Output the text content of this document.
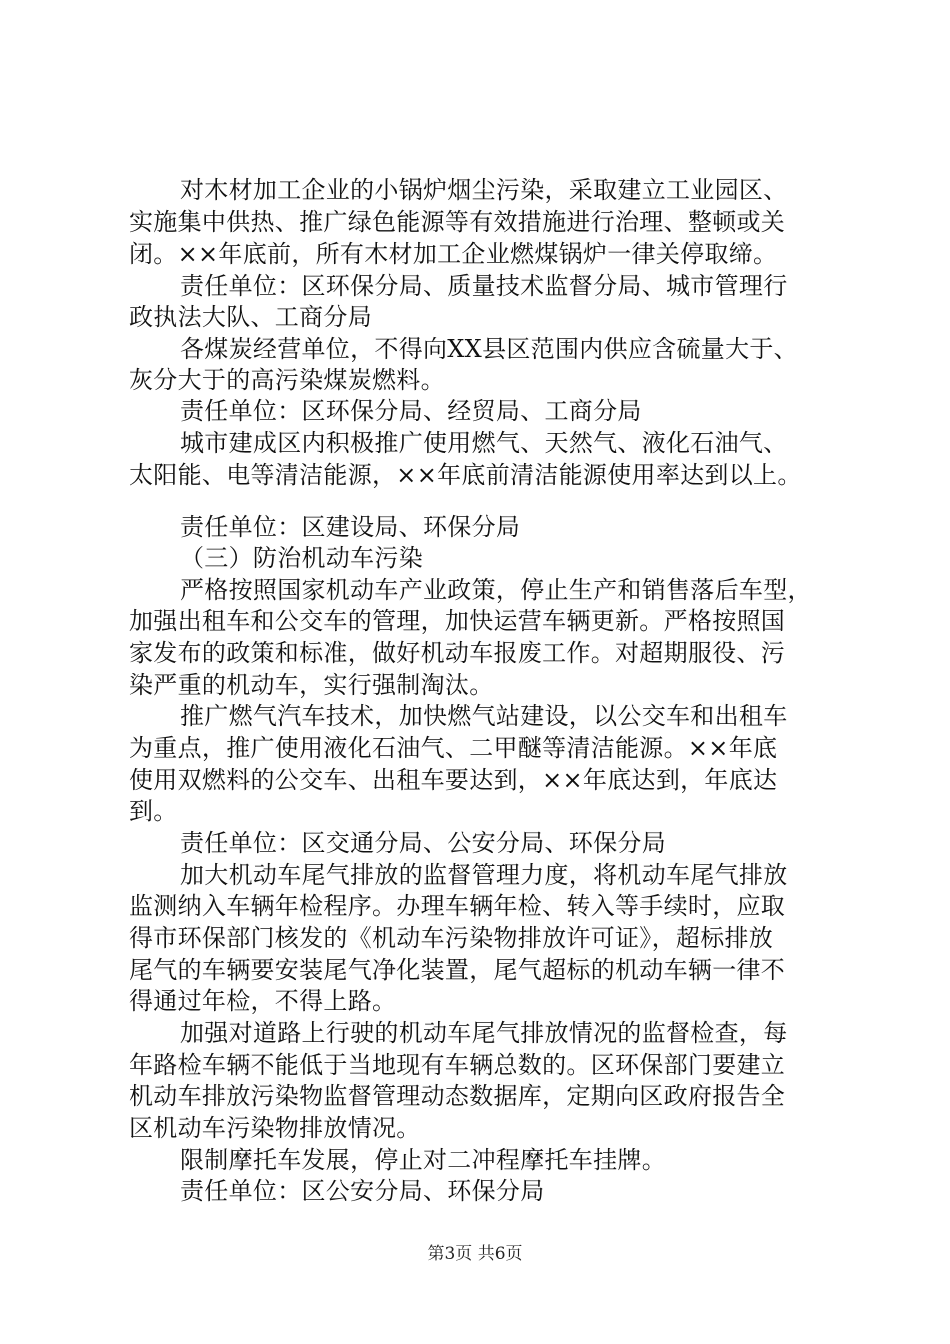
对木材加工企业的小锅炉烟尘污染，采取建立工业园区、
实施集中供热、推广绿色能源等有效措施进行治理、整顿或关
闭。××年底前，所有木材加工企业燃煤锅炉一律关停取缔。
责任单位：区环保分局、质量技术监督分局、城市管理行
政执法大队、工商分局
各煤炭经营单位，不得向XX县区范围内供应含硫量大于、
灰分大于的高污染煤炭燃料。
责任单位：区环保分局、经贸局、工商分局
城市建成区内积极推广使用燃气、天然气、液化石油气、
太阳能、电等清洁能源，××年底前清洁能源使用率达到以上。
责任单位：区建设局、环保分局
（三）防治机动车污染
严格按照国家机动车产业政策，停止生产和销售落后车型，
加强出租车和公交车的管理，加快运营车辆更新。严格按照国
家发布的政策和标准，做好机动车报废工作。对超期服役、污
染严重的机动车，实行强制淘汰。
推广燃气汽车技术，加快燃气站建设，以公交车和出租车
为重点，推广使用液化石油气、二甲醚等清洁能源。××年底
使用双燃料的公交车、出租车要达到，××年底达到，年底达
到。
责任单位：区交通分局、公安分局、环保分局
加大机动车尾气排放的监督管理力度，将机动车尾气排放
监测纳入车辆年检程序。办理车辆年检、转入等手续时，应取
得市环保部门核发的《机动车污染物排放许可证》，超标排放
尾气的车辆要安装尾气净化装置，尾气超标的机动车辆一律不
得通过年检，不得上路。
加强对道路上行驶的机动车尾气排放情况的监督检查，每
年路检车辆不能低于当地现有车辆总数的。区环保部门要建立
机动车排放污染物监督管理动态数据库，定期向区政府报告全
区机动车污染物排放情况。
限制摩托车发展，停止对二冲程摩托车挂牌。
责任单位：区公安分局、环保分局
第3页 共6页
